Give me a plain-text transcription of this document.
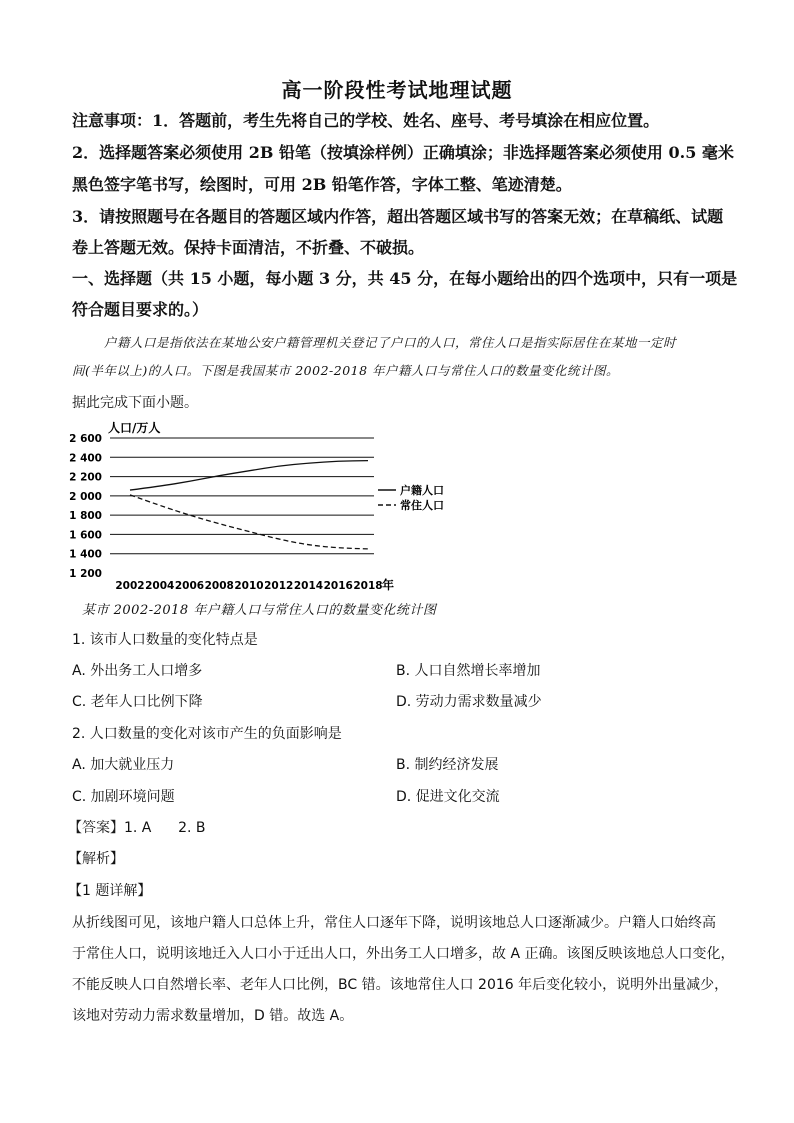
高一阶段性考试地理试题
注意事项：1．答题前，考生先将自己的学校、姓名、座号、考号填涂在相应位置。
2．选择题答案必须使用 2B 铅笔（按填涂样例）正确填涂；非选择题答案必须使用 0.5 毫米
黑色签字笔书写，绘图时，可用 2B 铅笔作答，字体工整、笔迹清楚。
3．请按照题号在各题目的答题区域内作答，超出答题区域书写的答案无效；在草稿纸、试题
卷上答题无效。保持卡面清洁，不折叠、不破损。
一、选择题（共 15 小题，每小题 3 分，共 45 分，在每小题给出的四个选项中，只有一项是
符合题目要求的。）
户籍人口是指依法在某地公安户籍管理机关登记了户口的人口，常住人口是指实际居住在某地一定时
间(半年以上)的人口。下图是我国某市 2002-2018 年户籍人口与常住人口的数量变化统计图。
据此完成下面小题。
2 600
2 400
2 200
2 000
1 800
1 600
1 400
1 200
2002 2004 2006 2008 2010 2012 2014 2016 2018
人口/万人
年
户籍人口
常住人口
某市 2002-2018 年户籍人口与常住人口的数量变化统计图
1. 该市人口数量的变化特点是
A. 外出务工人口增多	B. 人口自然增长率增加
C. 老年人口比例下降	D. 劳动力需求数量减少
2. 人口数量的变化对该市产生的负面影响是
A. 加大就业压力	B. 制约经济发展
C. 加剧环境问题	D. 促进文化交流
【答案】1. A      2. B
【解析】
【1 题详解】
从折线图可见，该地户籍人口总体上升，常住人口逐年下降，说明该地总人口逐渐减少。户籍人口始终高
于常住人口，说明该地迁入人口小于迁出人口，外出务工人口增多，故 A 正确。该图反映该地总人口变化，
不能反映人口自然增长率、老年人口比例，BC 错。该地常住人口 2016 年后变化较小，说明外出量减少，
该地对劳动力需求数量增加，D 错。故选 A。
